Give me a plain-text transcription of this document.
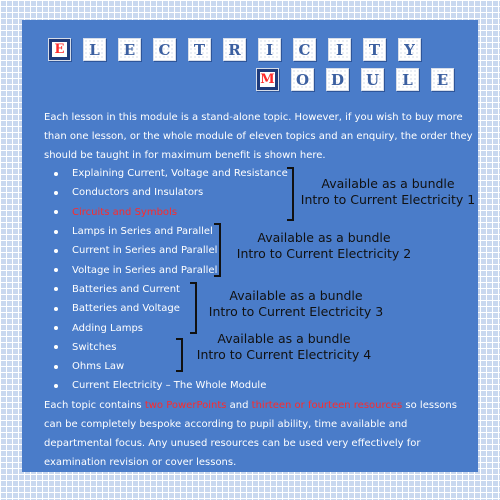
E	L	E	C	T	R	I	C	I	T	Y
M	O	D	U	L	E
Each lesson in this module is a stand-alone topic. However, if you wish to buy more than one lesson, or the whole module of eleven topics and an enquiry, the order they should be taught in for maximum benefit is shown here.
Explaining Current, Voltage and Resistance
Conductors and Insulators
Circuits and Symbols
Lamps in Series and Parallel
Current in Series and Parallel
Voltage in Series and Parallel
Batteries and Current
Batteries and Voltage
Adding Lamps
Switches
Ohms Law
Current Electricity – The Whole Module
Available as a bundle
Intro to Current Electricity 1
Available as a bundle
Intro to Current Electricity 2
Available as a bundle
Intro to Current Electricity 3
Available as a bundle
Intro to Current Electricity 4
Each topic contains two PowerPoints and thirteen or fourteen resources so lessons can be completely bespoke according to pupil ability, time available and departmental focus. Any unused resources can be used very effectively for examination revision or cover lessons.
